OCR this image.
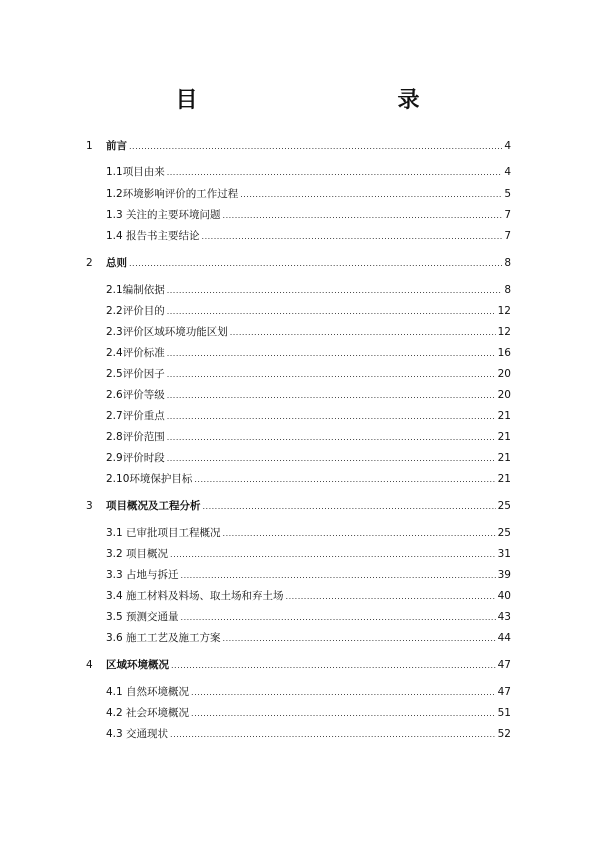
目　　录
1 前言 .....	4
1.1项目由来 .....	4
1.2环境影响评价的工作过程 .....	5
1.3 关注的主要环境问题 .....	7
1.4 报告书主要结论 .....	7
2 总则 .....	8
2.1编制依据 .....	8
2.2评价目的 .....	12
2.3评价区域环境功能区划 .....	12
2.4评价标准 .....	16
2.5评价因子 .....	20
2.6评价等级 .....	20
2.7评价重点 .....	21
2.8评价范围 .....	21
2.9评价时段 .....	21
2.10环境保护目标 .....	21
3 项目概况及工程分析 .....	25
3.1 已审批项目工程概况 .....	25
3.2 项目概况 .....	31
3.3 占地与拆迁 .....	39
3.4 施工材料及料场、取土场和弃土场 .....	40
3.5 预测交通量 .....	43
3.6 施工工艺及施工方案 .....	44
4 区域环境概况 .....	47
4.1 自然环境概况 .....	47
4.2 社会环境概况 .....	51
4.3 交通现状 .....	52
